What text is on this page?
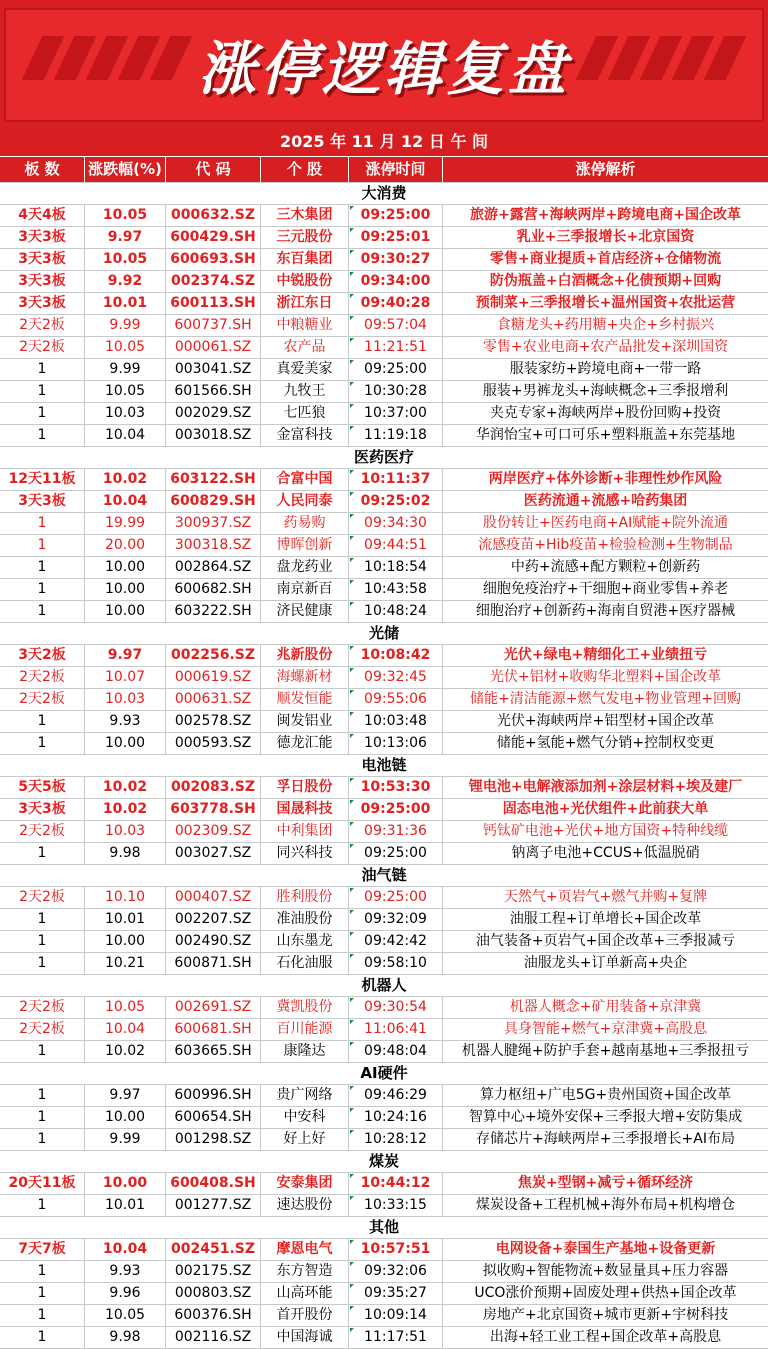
涨停逻辑复盘
2025 年 11 月 12 日 午 间
板 数	涨跌幅(%)	代 码	个 股	涨停时间	涨停解析
大消费
4天4板	10.05	000632.SZ	三木集团	09:25:00	旅游+露营+海峡两岸+跨境电商+国企改革
3天3板	9.97	600429.SH	三元股份	09:25:01	乳业+三季报增长+北京国资
3天3板	10.05	600693.SH	东百集团	09:30:27	零售+商业提质+首店经济+仓储物流
3天3板	9.92	002374.SZ	中锐股份	09:34:00	防伪瓶盖+白酒概念+化债预期+回购
3天3板	10.01	600113.SH	浙江东日	09:40:28	预制菜+三季报增长+温州国资+农批运营
2天2板	9.99	600737.SH	中粮糖业	09:57:04	食糖龙头+药用糖+央企+乡村振兴
2天2板	10.05	000061.SZ	农产品	11:21:51	零售+农业电商+农产品批发+深圳国资
1	9.99	003041.SZ	真爱美家	09:25:00	服装家纺+跨境电商+一带一路
1	10.05	601566.SH	九牧王	10:30:28	服装+男裤龙头+海峡概念+三季报增利
1	10.03	002029.SZ	七匹狼	10:37:00	夹克专家+海峡两岸+股份回购+投资
1	10.04	003018.SZ	金富科技	11:19:18	华润怡宝+可口可乐+塑料瓶盖+东莞基地
医药医疗
12天11板	10.02	603122.SH	合富中国	10:11:37	两岸医疗+体外诊断+非理性炒作风险
3天3板	10.04	600829.SH	人民同泰	09:25:02	医药流通+流感+哈药集团
1	19.99	300937.SZ	药易购	09:34:30	股份转让+医药电商+AI赋能+院外流通
1	20.00	300318.SZ	博晖创新	09:44:51	流感疫苗+Hib疫苗+检验检测+生物制品
1	10.00	002864.SZ	盘龙药业	10:18:54	中药+流感+配方颗粒+创新药
1	10.00	600682.SH	南京新百	10:43:58	细胞免疫治疗+干细胞+商业零售+养老
1	10.00	603222.SH	济民健康	10:48:24	细胞治疗+创新药+海南自贸港+医疗器械
光储
3天2板	9.97	002256.SZ	兆新股份	10:08:42	光伏+绿电+精细化工+业绩扭亏
2天2板	10.07	000619.SZ	海螺新材	09:32:45	光伏+铝材+收购华北塑料+国企改革
2天2板	10.03	000631.SZ	顺发恒能	09:55:06	储能+清洁能源+燃气发电+物业管理+回购
1	9.93	002578.SZ	闽发铝业	10:03:48	光伏+海峡两岸+铝型材+国企改革
1	10.00	000593.SZ	德龙汇能	10:13:06	储能+氢能+燃气分销+控制权变更
电池链
5天5板	10.02	002083.SZ	孚日股份	10:53:30	锂电池+电解液添加剂+涂层材料+埃及建厂
3天3板	10.02	603778.SH	国晟科技	09:25:00	固态电池+光伏组件+此前获大单
2天2板	10.03	002309.SZ	中利集团	09:31:36	钙钛矿电池+光伏+地方国资+特种线缆
1	9.98	003027.SZ	同兴科技	09:25:00	钠离子电池+CCUS+低温脱硝
油气链
2天2板	10.10	000407.SZ	胜利股份	09:25:00	天然气+页岩气+燃气并购+复牌
1	10.01	002207.SZ	准油股份	09:32:09	油服工程+订单增长+国企改革
1	10.00	002490.SZ	山东墨龙	09:42:42	油气装备+页岩气+国企改革+三季报减亏
1	10.21	600871.SH	石化油服	09:58:10	油服龙头+订单新高+央企
机器人
2天2板	10.05	002691.SZ	冀凯股份	09:30:54	机器人概念+矿用装备+京津冀
2天2板	10.04	600681.SH	百川能源	11:06:41	具身智能+燃气+京津冀+高股息
1	10.02	603665.SH	康隆达	09:48:04	机器人腱绳+防护手套+越南基地+三季报扭亏
AI硬件
1	9.97	600996.SH	贵广网络	09:46:29	算力枢纽+广电5G+贵州国资+国企改革
1	10.00	600654.SH	中安科	10:24:16	智算中心+境外安保+三季报大增+安防集成
1	9.99	001298.SZ	好上好	10:28:12	存储芯片+海峡两岸+三季报增长+AI布局
煤炭
20天11板	10.00	600408.SH	安泰集团	10:44:12	焦炭+型钢+减亏+循环经济
1	10.01	001277.SZ	速达股份	10:33:15	煤炭设备+工程机械+海外布局+机构增仓
其他
7天7板	10.04	002451.SZ	摩恩电气	10:57:51	电网设备+泰国生产基地+设备更新
1	9.93	002175.SZ	东方智造	09:32:06	拟收购+智能物流+数显量具+压力容器
1	9.96	000803.SZ	山高环能	09:35:27	UCO涨价预期+固废处理+供热+国企改革
1	10.05	600376.SH	首开股份	10:09:14	房地产+北京国资+城市更新+宇树科技
1	9.98	002116.SZ	中国海诚	11:17:51	出海+轻工业工程+国企改革+高股息
